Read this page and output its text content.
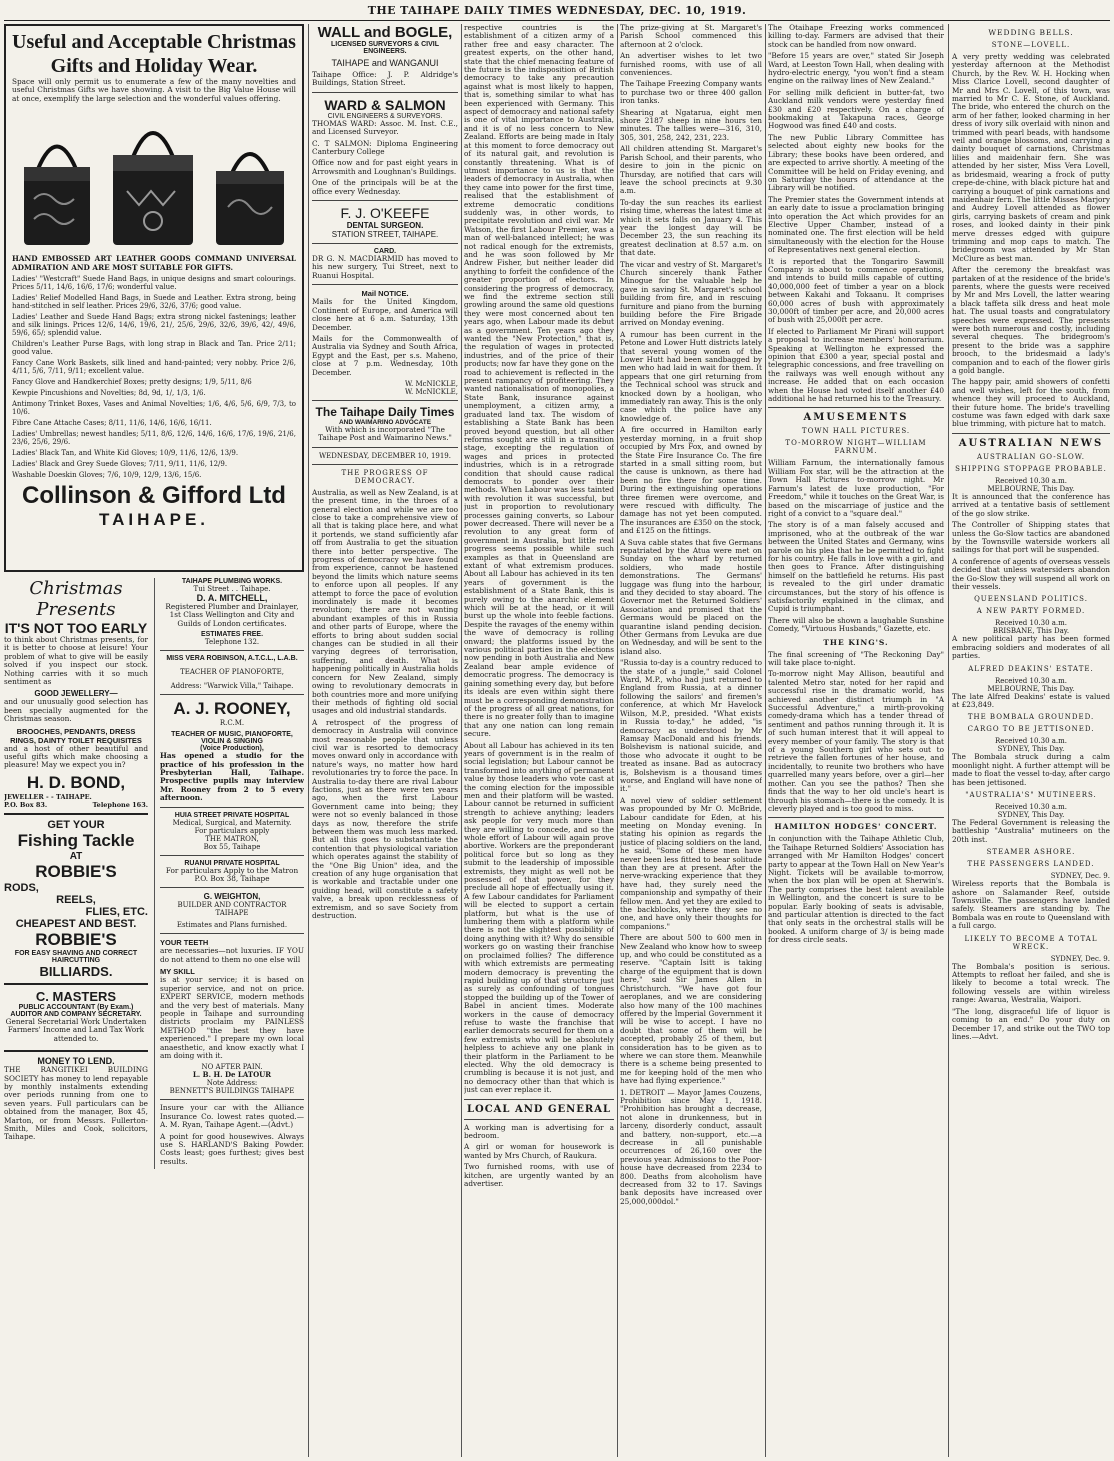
THE TAIHAPE DAILY TIMES WEDNESDAY, DEC. 10, 1919.
Useful and Acceptable Christmas Gifts and Holiday Wear.

Space will only permit us to enumerate a few of the many novelties and useful Christmas Gifts we have showing. A visit to the Big Value House will at once, exemplify the large selection and the wonderful values offering.

HAND EMBOSSED ART LEATHER GOODS COMMAND UNIVERSAL ADMIRATION AND ARE MOST SUITABLE FOR GIFTS.

Ladies' "Westcraft" Suede Hand Bags, in unique designs and smart colourings. Prices 5/11, 14/6, 16/6, 17/6; wonderful value.

Ladies' Relief Modelled Hand Bags, in Suede and Leather. Extra strong, being hand-stitched in self leather. Prices 29/6, 32/6, 37/6; good value.

Ladies' Leather and Suede Hand Bags; extra strong nickel fastenings; leather and silk linings. Prices 12/6, 14/6, 19/6, 21/, 25/6, 29/6, 32/6, 39/6, 42/, 49/6, 59/6, 65/; splendid value.

Children's Leather Purse Bags, with long strap in Black and Tan. Price 2/11; good value.

Fancy Cane Work Baskets, silk lined and hand-painted; very nobby. Price 2/6, 4/11, 5/6, 7/11, 9/11; excellent value.

Fancy Glove and Handkerchief Boxes; pretty designs; 1/9, 5/11, 8/6

Kewpie Pincushions and Novelties; 8d, 9d, 1/, 1/3, 1/6.

Antimony Trinket Boxes, Vases and Animal Novelties; 1/6, 4/6, 5/6, 6/9, 7/3, to 10/6.

Fibre Cane Attache Cases; 8/11, 11/6, 14/6, 16/6, 16/11.

Ladies' Umbrellas; newest handles; 5/11, 8/6, 12/6, 14/6, 16/6, 17/6, 19/6, 21/6, 23/6, 25/6, 29/6.

Ladies' Black Tan, and White Kid Gloves; 10/9, 11/6, 12/6, 13/9.

Ladies' Black and Grey Suede Gloves; 7/11, 9/11, 11/6, 12/9.

Washable Doeskin Gloves; 7/6, 10/9, 12/9, 13/6, 15/6.

Collinson & Gifford Ltd
TAIHAPE.
Christmas Presents
IT'S NOT TOO EARLY

to think about Christmas presents, for it is better to choose at leisure! Your problem of what to give will be easily solved if you inspect our stock. Nothing carries with it so much sentiment as

GOOD JEWELLERY—

and our unusually good selection has been specially augmented for the Christmas season.

BROOCHES, PENDANTS, DRESS RINGS, DAINTY TOILET REQUISITES

and a host of other beautiful and useful gifts which make choosing a pleasure! May we expect you in?

H. D. BOND,
JEWELLER - - TAIHAPE.
P.O. Box 83.	Telephone 163.
GET YOUR
Fishing Tackle
AT
ROBBIE'S
RODS,
REELS,
FLIES, ETC.
CHEAPEST AND BEST.
ROBBIE'S
FOR EASY SHAVING AND CORRECT HAIRCUTTING
BILLIARDS.
C. MASTERS
PUBLIC ACCOUNTANT (By Exam.) AUDITOR AND COMPANY SECRETARY.

General Secretarial Work Undertaken Farmers' Income and Land Tax Work attended to.

MONEY TO LEND.

THE RANGITIKEI BUILDING SOCIETY has money to lend repayable by monthly instalments extending over periods running from one to seven years. Full particulars can be obtained from the manager, Box 45, Marton, or from Messrs. Fullerton-Smith, Miles and Cook, solicitors, Taihape.

TAIHAPE PLUMBING WORKS.
Tui Street . . Taihape.
D. A. MITCHELL,

Registered Plumber and Drainlayer, 1st Class Wellington and City and Guilds of London certificates.

ESTIMATES FREE.
Telephone 132.
MISS VERA ROBINSON, A.T.C.L., L.A.B.
TEACHER OF PIANOFORTE,
Address: "Warwick Villa," Taihape.
A. J. ROONEY,
R.C.M.
TEACHER OF MUSIC, PIANOFORTE, VIOLIN & SINGING
(Voice Production),

Has opened a studio for the practice of his profession in the Presbyterian Hall, Taihape. Prospective pupils may interview Mr. Rooney from 2 to 5 every afternoon.

HUIA STREET PRIVATE HOSPITAL
Medical, Surgical, and Maternity.
For particulars apply
THE MATRON,
Box 55, Taihape
RUANUI PRIVATE HOSPITAL

For particulars Apply to the Matron P.O. Box 38, Taihape

G. WEIGHTON,
BUILDER AND CONTRACTOR TAIHAPE
Estimates and Plans furnished.
YOUR TEETH

are necessaries—not luxuries. IF YOU do not attend to them no one else will

MY SKILL

is at your service; it is based on superior service, and not on price. EXPERT SERVICE, modern methods and the very best of materials. Many people in Taihape and surrounding districts proclaim my PAINLESS METHOD "the best they have experienced." I prepare my own local anaesthetic, and know exactly what I am doing with it.

NO AFTER PAIN.
L. B. H. De LATOUR
Note Address:
BENNETT'S BUILDINGS TAIHAPE

Insure your car with the Alliance Insurance Co. lowest rates quoted.—A. M. Ryan, Taihape Agent.—(Advt.)

A point for good housewives. Always use S. HARLAND'S Baking Powder. Costs least; goes furthest; gives best results.

WALL and BOGLE,
LICENSED SURVEYORS & CIVIL ENGINEERS.
TAIHAPE and WANGANUI

Taihape Office: J. P. Aldridge's Buildings, Station Street.

WARD & SALMON
CIVIL ENGINEERS & SURVEYORS.

THOMAS WARD: Assoc. M. Inst. C.E., and Licensed Surveyor.

C. T SALMON: Diploma Engineering Canterbury College

Office now and for past eight years in Arrowsmith and Loughnan's Buildings.

One of the principals will be at the office every Wednesday.

F. J. O'KEEFE
DENTAL SURGEON.
STATION STREET, TAIHAPE.
CARD.

DR G. N. MACDIARMID has moved to his new surgery, Tui Street, next to Ruanui Hospital.

Mail NOTICE.

Mails for the United Kingdom, Continent of Europe, and America will close here at 6 a.m. Saturday, 13th December.

Mails for the Commonwealth of Australia via Sydney and South Africa, Egypt and the East, per s.s. Maheno, close at 7 p.m. Wednesday, 10th December.

W. McNICKLE,
W. McNICKLE,
The Taihape Daily Times
AND WAIMARINO ADVOCATE

With which is incorporated "The Taihape Post and Waimarino News."

WEDNESDAY, DECEMBER 10, 1919.
THE PROGRESS OF DEMOCRACY.

Australia, as well as New Zealand, is at the present time, in the throes of a general election and while we are too close to take a comprehensive view of all that is taking place here, and what it portends, we stand sufficiently afar off from Australia to get the situation there into better perspective. The progress of democracy we have found from experience, cannot be hastened beyond the limits which nature seems to enforce upon all peoples. If any attempt to force the pace of evolution inordinately is made it becomes revolution; there are not wanting abundant examples of this in Russia and other parts of Europe, where the efforts to bring about sudden social changes can be studied in all their varying degrees of terrorisation, suffering, and death. What is happening politically in Australia holds concern for New Zealand, simply owing to revolutionary democrats in both countries more and more unifying their methods of fighting old social usages and old industrial standards.

A retrospect of the progress of democracy in Australia will convince most reasonable people that unless civil war is resorted to democracy moves onward only in accordance with nature's ways, no matter how hard revolutionaries try to force the pace. In Australia to-day there are rival Labour factions, just as there were ten years ago, when the first Labour Government came into being; they were not so evenly balanced in those days as now, therefore the strife between them was much less marked. But all this goes to substantiate the contention that physiological variation which operates against the stability of the "One Big Union" idea, and the creation of any huge organisation that is workable and tractable under one guiding head, will constitute a safety valve, a break upon recklessness of extremism, and so save Society from destruction.

respective countries is the establishment of a citizen army of a rather free and easy character. The greatest experts, on the other hand, state that the chief menacing feature of the future is the indisposition of British democracy to take any precaution against what is most likely to happen, that is, something similar to what has been experienced with Germany. This aspect of democracy and national safety is one of vital importance to Australia, and it is of no less concern to New Zealand. Efforts are being made in Italy at this moment to force democracy out of its natural gait, and revolution is constantly threatening. What is of utmost importance to us is that the leaders of democracy in Australia, when they came into power for the first time, realised that the establishment of extreme democratic conditions suddenly was, in other words, to precipitate revolution and civil war. Mr Watson, the first Labour Premier, was a man of well-balanced intellect; he was not radical enough for the extremists, and he was soon followed by Mr Andrew Fisher, but neither leader did anything to forfeit the confidence of the greater proportion of electors. In considering the progress of democracy, we find the extreme section still growling around the same old questions they were most concerned about ten years ago, when Labour made its debut as a government. Ten years ago they wanted the "New Protection," that is, the regulation of wages in protected industries, and of the price of their products; now far have they gone on the road to achievement is reflected in the present rampancy of profiteering. They wanted nationalisation of monopolies, a State Bank, insurance against unemployment, a citizen army, a graduated land tax. The wisdom of establishing a State Bank has been proved beyond question, but all other reforms sought are still in a transition stage, excepting the regulation of wages and prices in protected industries, which is in a retrograde condition that should cause radical democrats to ponder over their methods. When Labour was less tainted with revolution it was successful, but just in proportion to revolutionary processes gaining converts, so Labour power decreased. There will never be a revolution to any great form of government in Australia, but little real progress seems possible while such examples as that in Queensland are extant of what extremism produces. About all Labour has achieved in its ten years of government is the establishment of a State Bank, this is purely owing to the anarchic element which will be at the head, or it will burst up the whole into feeble factions. Despite the ravages of the enemy within the wave of democracy is rolling onward; the platforms issued by the various political parties in the elections now pending in both Australia and New Zealand bear ample evidence of democratic progress. The democracy is gaining something every day, but before its ideals are even within sight there must be a corresponding demonstration of the progress of all great nations, for there is no greater folly than to imagine that any one nation can long remain secure.

About all Labour has achieved in its ten years of government is in the realm of social legislation; but Labour cannot be transformed into anything of permanent value by those leaders who vote cast at the coming election for the impossible men and their platform will be wasted. Labour cannot be returned in sufficient strength to achieve anything; leaders ask people for very much more than they are willing to concede, and so the whole effort of Labour will again prove abortive. Workers are the preponderant political force but so long as they submit to the leadership of impossible extremists, they might as well not be possessed of that power, for they preclude all hope of effectually using it. A few Labour candidates for Parliament will be elected to support a certain platform, but what is the use of lumbering them with a platform while there is not the slightest possibility of doing anything with it? Why do sensible workers go on wasting their franchise on proclaimed follies? The difference with which extremists are permeating modern democracy is preventing the rapid building up of that structure just as surely as confounding of tongues stopped the building up of the Tower of Babel in ancient times. Moderate workers in the cause of democracy refuse to waste the franchise that earlier democrats secured for them on a few extremists who will be absolutely helpless to achieve any one plank in their platform in the Parliament to be elected. Why the old democracy is crumbling is because it is not just, and no democracy other than that which is just can ever replace it.

LOCAL AND GENERAL

A working man is advertising for a bedroom.

A girl or woman for housework is wanted by Mrs Church, of Raukura.

Two furnished rooms, with use of kitchen, are urgently wanted by an advertiser.

The prize-giving at St. Margaret's Parish School commenced this afternoon at 2 o'clock.

An advertiser wishes to let two furnished rooms, with use of all conveniences.

The Taihape Freezing Company wants to purchase two or three 400 gallon iron tanks.

Shearing at Ngatarua, eight men shore 2187 sheep in nine hours ten minutes. The tallies were—316, 310, 305, 301, 258, 242, 231, 223.

All children attending St. Margaret's Parish School, and their parents, who desire to join in the picnic on Thursday, are notified that cars will leave the school precincts at 9.30 a.m.

To-day the sun reaches its earliest rising time, whereas the latest time at which it sets falls on January 4. This year the longest day will be December 23, the sun reaching its greatest declination at 8.57 a.m. on that date.

The vicar and vestry of St. Margaret's Church sincerely thank Father Minogue for the valuable help he gave in saving St. Margaret's school building from fire, and in rescuing furniture and piano from the burning building before the Fire Brigade arrived on Monday evening.

A rumour has been current in the Petone and Lower Hutt districts lately that several young women of the Lower Hutt had been sandbagged by men who had laid in wait for them. It appears that one girl returning from the Technical school was struck and knocked down by a hooligan, who immediately ran away. This is the only case which the police have any knowledge of.

A fire occurred in Hamilton early yesterday morning, in a fruit shop occupied by Mrs Fox, and owned by the State Fire Insurance Co. The fire started in a small sitting room, but the cause is unknown, as there had been no fire there for some time. During the extinguishing operations three firemen were overcome, and were rescued with difficulty. The damage has not yet been computed. The insurances are £350 on the stock, and £125 on the fittings.

A Suva cable states that five Germans repatriated by the Atua were met on Sunday on the wharf by returned soldiers, who made hostile demonstrations. The Germans' luggage was flung into the harbour, and they decided to stay aboard. The Governor met the Returned Soldiers' Association and promised that the Germans would be placed on the quarantine island pending decision. Other Germans from Levuka are due on Wednesday, and will be sent to the island also.

"Russia to-day is a country reduced to the state of a jungle," said Colonel Ward, M.P., who had just returned to England from Russia, at a dinner following the sailors' and firemen's conference, at which Mr Havelock Wilson, M.P., presided. "What exists in Russia to-day," he added, "is democracy as understood by Mr Ramsay MacDonald and his friends. Bolshevism is national suicide, and those who advocate it ought to be treated as insane. Bad as autocracy is, Bolshevism is a thousand times worse, and England will have none of it."

A novel view of soldier settlement was propounded by Mr O. McBride, Labour candidate for Eden, at his meeting on Monday evening. In stating his opinion as regards the justice of placing soldiers on the land, he said, "Some of these men have never been less fitted to bear solitude than they are at present. After the nerve-wracking experience that they have had, they surely need the companionship and sympathy of their fellow men. And yet they are exiled to the backblocks, where they see no one, and have only their thoughts for companions."

There are about 500 to 600 men in New Zealand who know how to sweep up, and who could be constituted as a reserve. "Captain Isitt is taking charge of the equipment that is down here," said Sir James Allen in Christchurch. "We have got four aeroplanes, and we are considering also how many of the 100 machines offered by the Imperial Government it will be wise to accept. I have no doubt that some of them will be accepted, probably 25 of them, but consideration has to be given as to where we can store them. Meanwhile there is a scheme being presented to me for keeping hold of the men who have had flying experience."

1. DETROIT — Mayor James Couzens, Prohibition since May 1, 1918. "Prohibition has brought a decrease, not alone in drunkenness, but in larceny, disorderly conduct, assault and battery, non-support, etc.—a decrease in all punishable occurrences of 26,160 over the previous year. Admissions to the Poor-house have decreased from 2234 to 800. Deaths from alcoholism have decreased from 32 to 17. Savings bank deposits have increased over 25,000,000dol."

The Otaihape Freezing works commenced killing to-day. Farmers are advised that their stock can be handled from now onward.

"Before 15 years are over," stated Sir Joseph Ward, at Leeston Town Hall, when dealing with hydro-electric energy, "you won't find a steam engine on the railway lines of New Zealand."

For selling milk deficient in butter-fat, two Auckland milk vendors were yesterday fined £30 and £20 respectively. On a charge of bookmaking at Takapuna races, George Hogwood was fined £40 and costs.

The new Public Library Committee has selected about eighty new books for the Library; these books have been ordered, and are expected to arrive shortly. A meeting of the Committee will be held on Friday evening, and on Saturday the hours of attendance at the Library will be notified.

The Premier states the Government intends at an early date to issue a proclamation bringing into operation the Act which provides for an Elective Upper Chamber, instead of a nominated one. The first election will be held simultaneously with the election for the House of Representatives next general election.

It is reported that the Tongariro Sawmill Company is about to commence operations, and intends to build mills capable of cutting 40,000,000 feet of timber a year on a block between Kakahi and Tokaanu. It comprises 60,000 acres of bush with approximately 30,000ft of timber per acre, and 20,000 acres of bush with 25,000ft per acre.

If elected to Parliament Mr Pirani will support a proposal to increase members' honorarium. Speaking at Wellington he expressed the opinion that £300 a year, special postal and telegraphic concessions, and free travelling on the railways was well enough without any increase. He added that on each occasion when the House had voted itself another £40 additional he had returned his to the Treasury.

AMUSEMENTS
TOWN HALL PICTURES.
TO-MORROW NIGHT—WILLIAM FARNUM.

William Farnum, the internationally famous William Fox star, will be the attraction at the Town Hall Pictures to-morrow night. Mr Farnum's latest de luxe production, "For Freedom," while it touches on the Great War, is based on the miscarriage of justice and the right of a convict to a "square deal."

The story is of a man falsely accused and imprisoned, who at the outbreak of the war between the United States and Germany, wins parole on his plea that he be permitted to fight for his country. He falls in love with a girl, and then goes to France. After distinguishing himself on the battlefield he returns. His past is revealed to the girl under dramatic circumstances, but the story of his offence is satisfactorily explained in the climax, and Cupid is triumphant.

There will also be shown a laughable Sunshine Comedy, "Virtuous Husbands," Gazette, etc.

THE KING'S.

The final screening of "The Reckoning Day" will take place to-night.

To-morrow night May Allison, beautiful and talented Metro star, noted for her rapid and successful rise in the dramatic world, has achieved another distinct triumph in "A Successful Adventure," a mirth-provoking comedy-drama which has a tender thread of sentiment and pathos running through it. It is of such human interest that it will appeal to every member of your family. The story is that of a young Southern girl who sets out to retrieve the fallen fortunes of her house, and incidentally, to reunite two brothers who have quarrelled many years before, over a girl—her mother. Can you see the pathos? Then she finds that the way to her old uncle's heart is through his stomach—there is the comedy. It is cleverly played and is too good to miss.

HAMILTON HODGES' CONCERT.

In conjunction with the Taihape Athletic Club, the Taihape Returned Soldiers' Association has arranged with Mr Hamilton Hodges' concert party to appear at the Town Hall on New Year's Night. Tickets will be available to-morrow, when the box plan will be open at Sherwin's. The party comprises the best talent available in Wellington, and the concert is sure to be popular. Early booking of seats is advisable, and particular attention is directed to the fact that only seats in the orchestral stalls will be booked. A uniform charge of 3/ is being made for dress circle seats.

WEDDING BELLS.
STONE—LOVELL.

A very pretty wedding was celebrated yesterday afternoon at the Methodist Church, by the Rev. W. H. Hocking when Miss Clarice Lovell, second daughter of Mr and Mrs C. Lovell, of this town, was married to Mr C. E. Stone, of Auckland. The bride, who entered the church on the arm of her father, looked charming in her dress of ivory silk overlaid with ninon and trimmed with pearl beads, with handsome veil and orange blossoms, and carrying a dainty bouquet of carnations, Christmas lilies and maidenhair fern. She was attended by her sister, Miss Vera Lovell, as bridesmaid, wearing a frock of putty crepe-de-chine, with black picture hat and carrying a bouquet of pink carnations and maidenhair fern. The little Misses Marjory and Audrey Lovell attended as flower girls, carrying baskets of cream and pink roses, and looked dainty in their pink merve dresses edged with guipure trimming and mop caps to match. The bridegroom was attended by Mr Stan McClure as best man.

After the ceremony the breakfast was partaken of at the residence of the bride's parents, where the guests were received by Mr and Mrs Lovell, the latter wearing a black taffeta silk dress and heat mole hat. The usual toasts and congratulatory speeches were expressed. The presents were both numerous and costly, including several cheques. The bridegroom's present to the bride was a sapphire brooch, to the bridesmaid a lady's companion and to each of the flower girls a gold bangle.

The happy pair, amid showers of confetti and well wishes, left for the south, from whence they will proceed to Auckland, their future home. The bride's travelling costume was fawn edged with dark saxe blue trimming, with picture hat to match.

AUSTRALIAN NEWS
AUSTRALIAN GO-SLOW.
SHIPPING STOPPAGE PROBABLE.
Received 10.30 a.m.
MELBOURNE, This Day.

It is announced that the conference has arrived at a tentative basis of settlement of the go slow strike.

The Controller of Shipping states that unless the Go-Slow tactics are abandoned by the Townsville waterside workers all sailings for that port will be suspended.

A conference of agents of overseas vessels decided that unless watersiders abandon the Go-Slow they will suspend all work on their vessels.

QUEENSLAND POLITICS.
A NEW PARTY FORMED.
Received 10.30 a.m.
BRISBANE, This Day.

A new political party has been formed embracing soldiers and moderates of all parties.

ALFRED DEAKINS' ESTATE.
Received 10.30 a.m.
MELBOURNE, This Day.

The late Alfred Deakins' estate is valued at £23,849.

THE BOMBALA GROUNDED.
CARGO TO BE JETTISONED.
Received 10.30 a.m.
SYDNEY, This Day.

The Bombala struck during a calm moonlight night. A further attempt will be made to float the vessel to-day, after cargo has been jettisoned.

"AUSTRALIA'S" MUTINEERS.
Received 10.30 a.m.
SYDNEY, This Day.

The Federal Government is releasing the battleship "Australia" mutineers on the 20th inst.

STEAMER ASHORE.
THE PASSENGERS LANDED.
SYDNEY, Dec. 9.

Wireless reports that the Bombala is ashore on Salamander Reef, outside Townsville. The passengers have landed safely. Steamers are standing by. The Bombala was en route to Queensland with a full cargo.

LIKELY TO BECOME A TOTAL WRECK.
SYDNEY, Dec. 9.

The Bombala's position is serious. Attempts to refloat her failed, and she is likely to become a total wreck. The following vessels are within wireless range: Awarua, Westralia, Waipori.

"The long, disgraceful life of liquor is coming to an end." Do your duty on December 17, and strike out the TWO top lines.—Advt.
